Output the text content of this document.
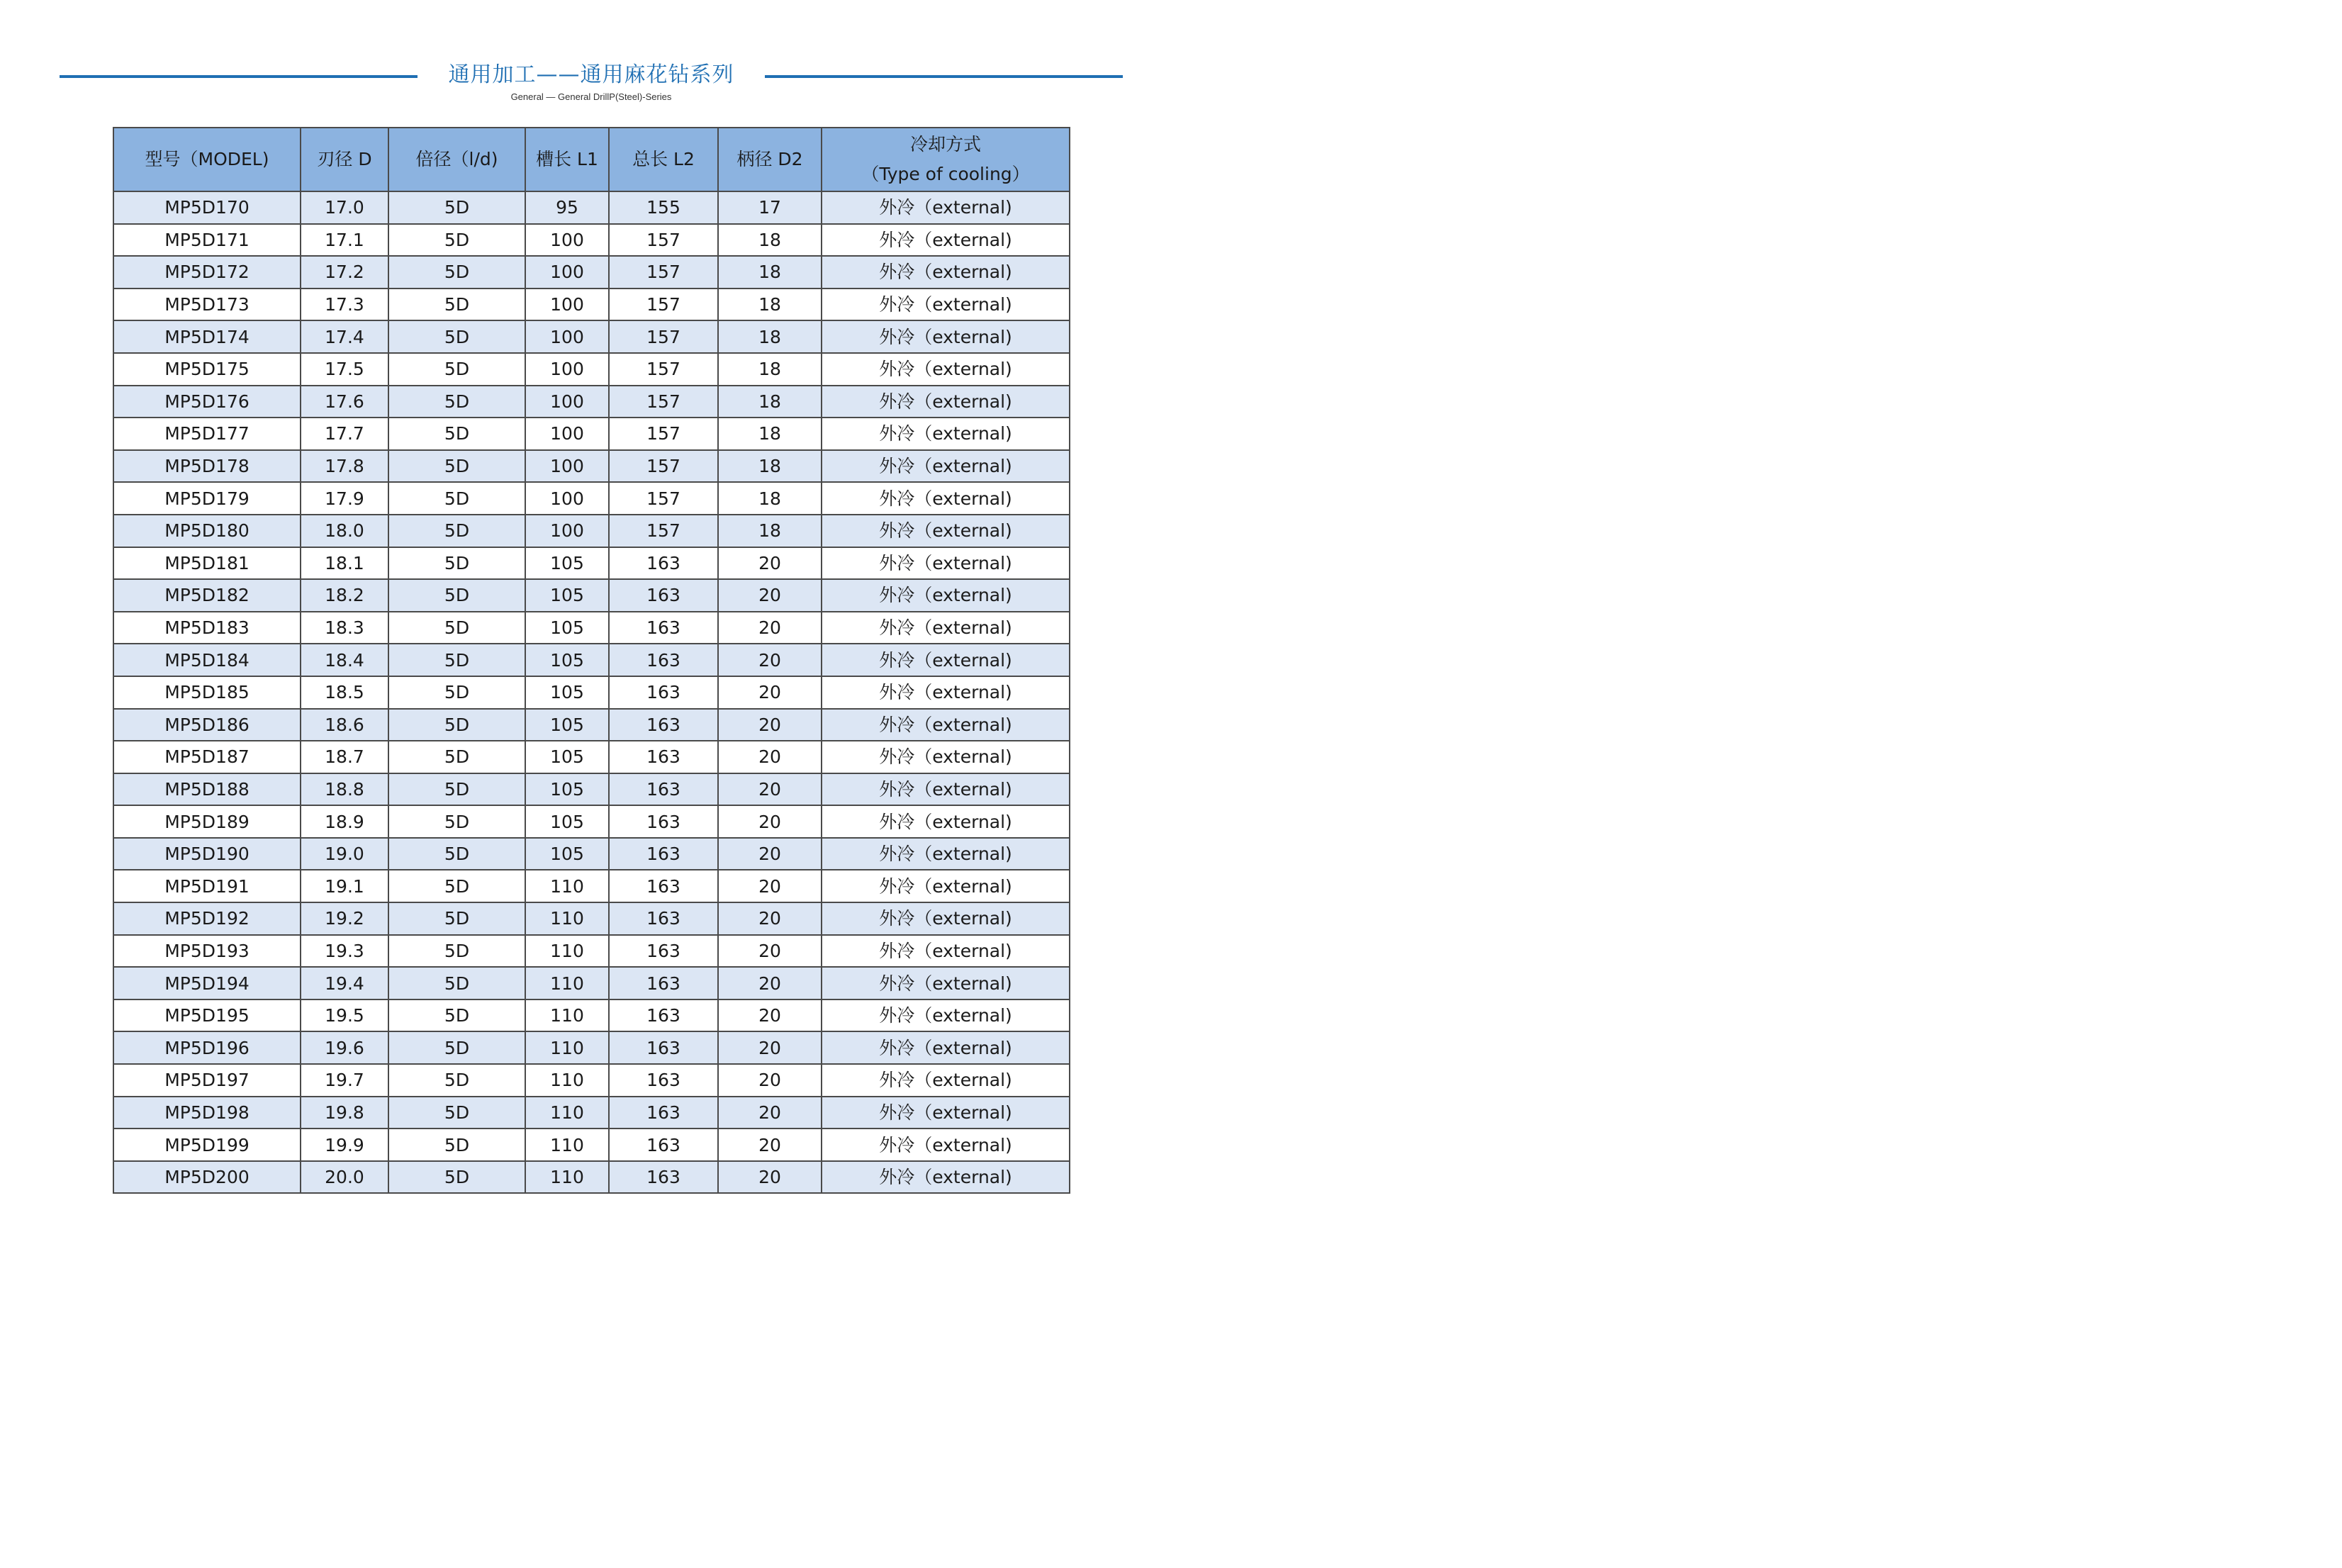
通用加工——通用麻花钻系列
General — General DrillP(Steel)-Series
型号（MODEL)	刃径 D	倍径（l/d)	槽长 L1	总长 L2	柄径 D2	冷却方式
（Type of cooling）
MP5D170	17.0	5D	95	155	17	外冷（external)
MP5D171	17.1	5D	100	157	18	外冷（external)
MP5D172	17.2	5D	100	157	18	外冷（external)
MP5D173	17.3	5D	100	157	18	外冷（external)
MP5D174	17.4	5D	100	157	18	外冷（external)
MP5D175	17.5	5D	100	157	18	外冷（external)
MP5D176	17.6	5D	100	157	18	外冷（external)
MP5D177	17.7	5D	100	157	18	外冷（external)
MP5D178	17.8	5D	100	157	18	外冷（external)
MP5D179	17.9	5D	100	157	18	外冷（external)
MP5D180	18.0	5D	100	157	18	外冷（external)
MP5D181	18.1	5D	105	163	20	外冷（external)
MP5D182	18.2	5D	105	163	20	外冷（external)
MP5D183	18.3	5D	105	163	20	外冷（external)
MP5D184	18.4	5D	105	163	20	外冷（external)
MP5D185	18.5	5D	105	163	20	外冷（external)
MP5D186	18.6	5D	105	163	20	外冷（external)
MP5D187	18.7	5D	105	163	20	外冷（external)
MP5D188	18.8	5D	105	163	20	外冷（external)
MP5D189	18.9	5D	105	163	20	外冷（external)
MP5D190	19.0	5D	105	163	20	外冷（external)
MP5D191	19.1	5D	110	163	20	外冷（external)
MP5D192	19.2	5D	110	163	20	外冷（external)
MP5D193	19.3	5D	110	163	20	外冷（external)
MP5D194	19.4	5D	110	163	20	外冷（external)
MP5D195	19.5	5D	110	163	20	外冷（external)
MP5D196	19.6	5D	110	163	20	外冷（external)
MP5D197	19.7	5D	110	163	20	外冷（external)
MP5D198	19.8	5D	110	163	20	外冷（external)
MP5D199	19.9	5D	110	163	20	外冷（external)
MP5D200	20.0	5D	110	163	20	外冷（external)
